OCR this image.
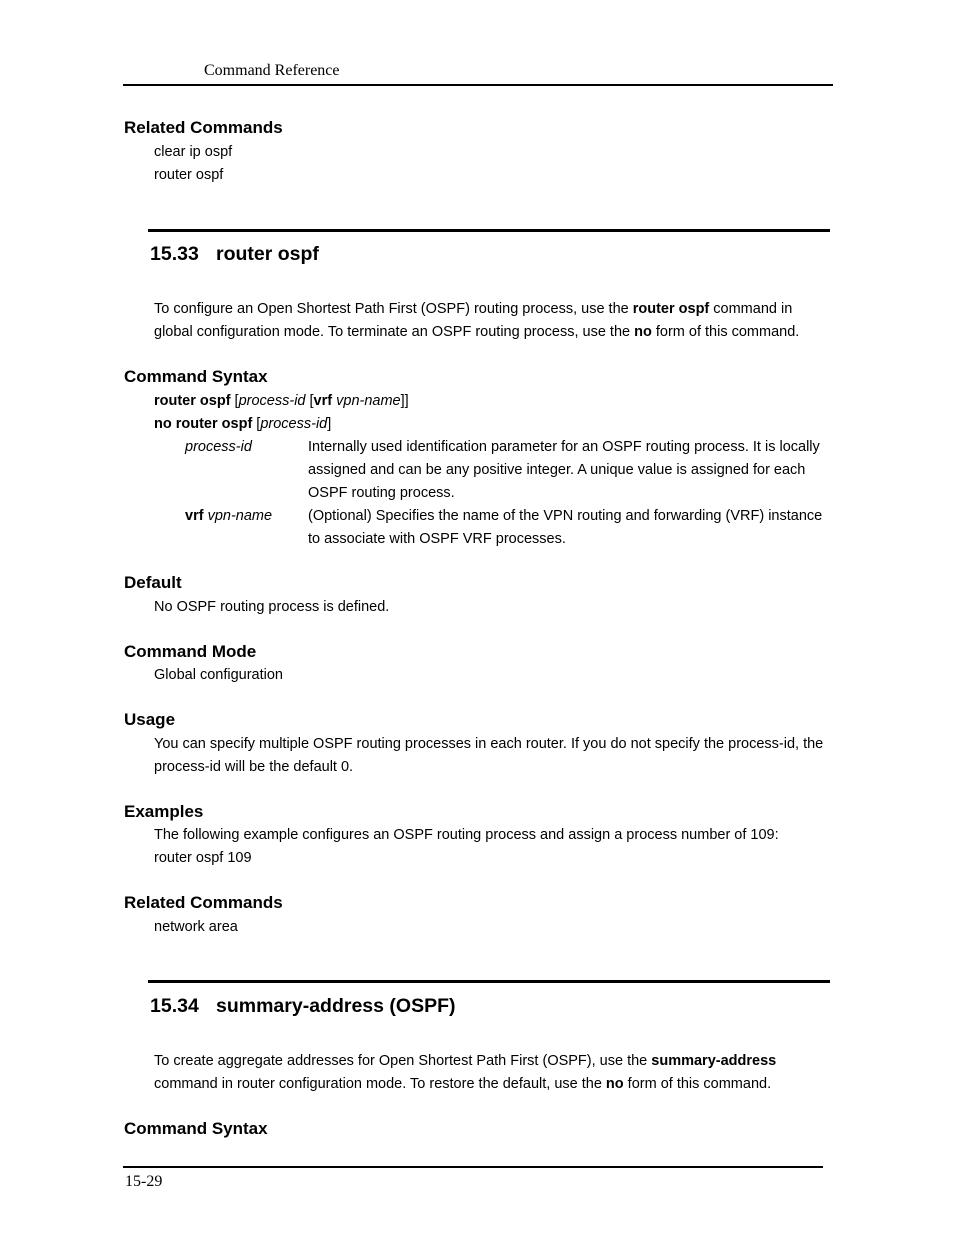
Command Reference
Related Commands
clear ip ospf
router ospf
15.33 router ospf
To configure an Open Shortest Path First (OSPF) routing process, use the router ospf command in global configuration mode. To terminate an OSPF routing process, use the no form of this command.
Command Syntax
router ospf [process-id [vrf vpn-name]]
no router ospf [process-id]
process-id	Internally used identification parameter for an OSPF routing process. It is locally assigned and can be any positive integer. A unique value is assigned for each OSPF routing process.
vrf vpn-name (Optional) Specifies the name of the VPN routing and forwarding (VRF) instance to associate with OSPF VRF processes.
Default
No OSPF routing process is defined.
Command Mode
Global configuration
Usage
You can specify multiple OSPF routing processes in each router. If you do not specify the process-id, the process-id will be the default 0.
Examples
The following example configures an OSPF routing process and assign a process number of 109:
router ospf 109
Related Commands
network area
15.34 summary-address (OSPF)
To create aggregate addresses for Open Shortest Path First (OSPF), use the summary-address command in router configuration mode. To restore the default, use the no form of this command.
Command Syntax
15-29
